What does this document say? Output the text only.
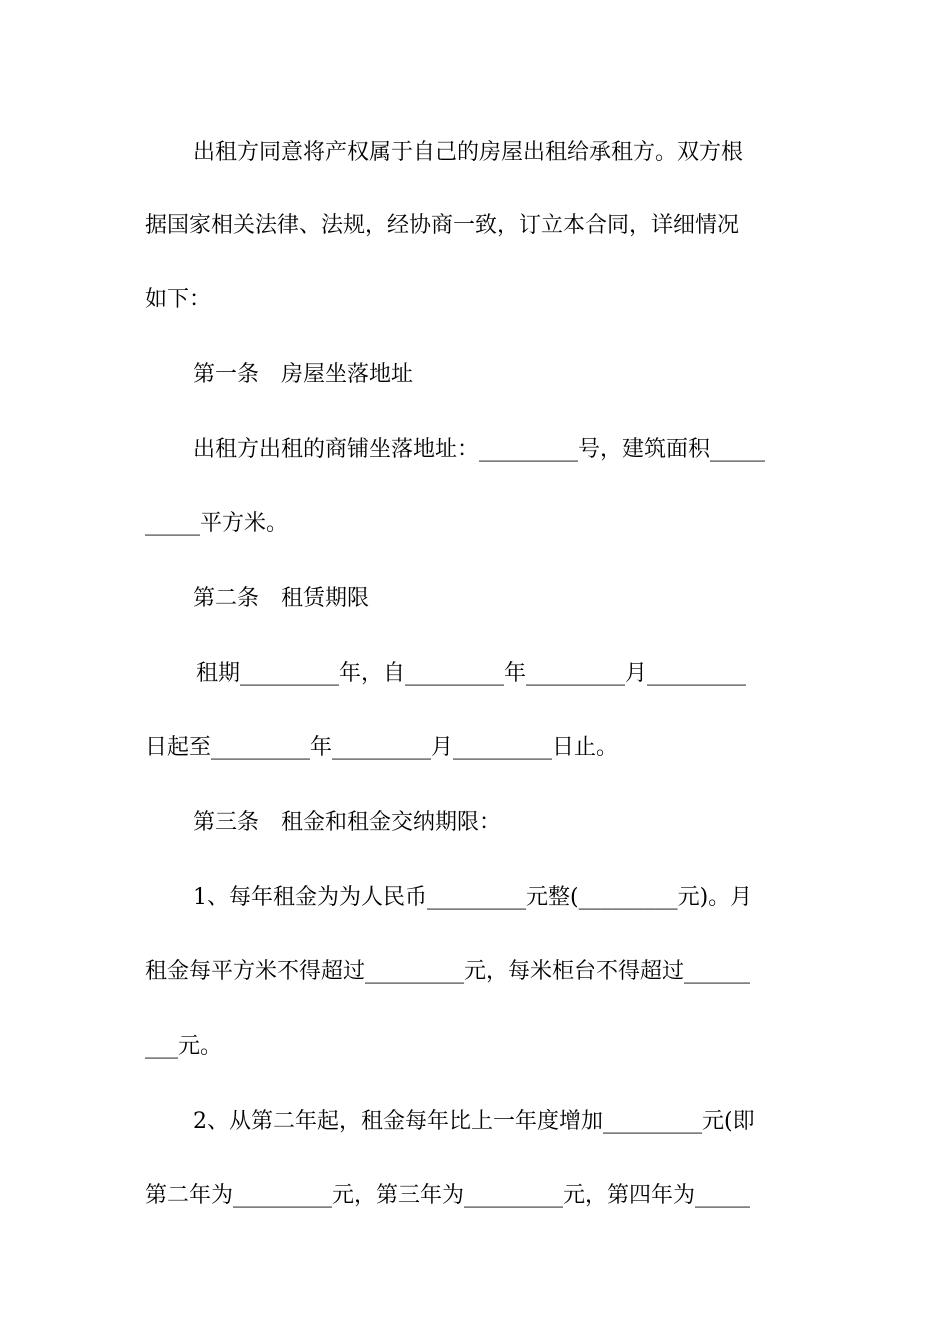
出租方同意将产权属于自己的房屋出租给承租方。双方根
据国家相关法律、法规，经协商一致，订立本合同，详细情况
如下：
第一条　房屋坐落地址
出租方出租的商铺坐落地址：_________号，建筑面积_____
_____平方米。
第二条　租赁期限
租期_________年，自_________年_________月_________
日起至_________年_________月_________日止。
第三条　租金和租金交纳期限：
1、每年租金为为人民币_________元整(_________元)。月
租金每平方米不得超过_________元，每米柜台不得超过______
___元。
2、从第二年起，租金每年比上一年度增加_________元(即
第二年为_________元，第三年为_________元，第四年为_____
